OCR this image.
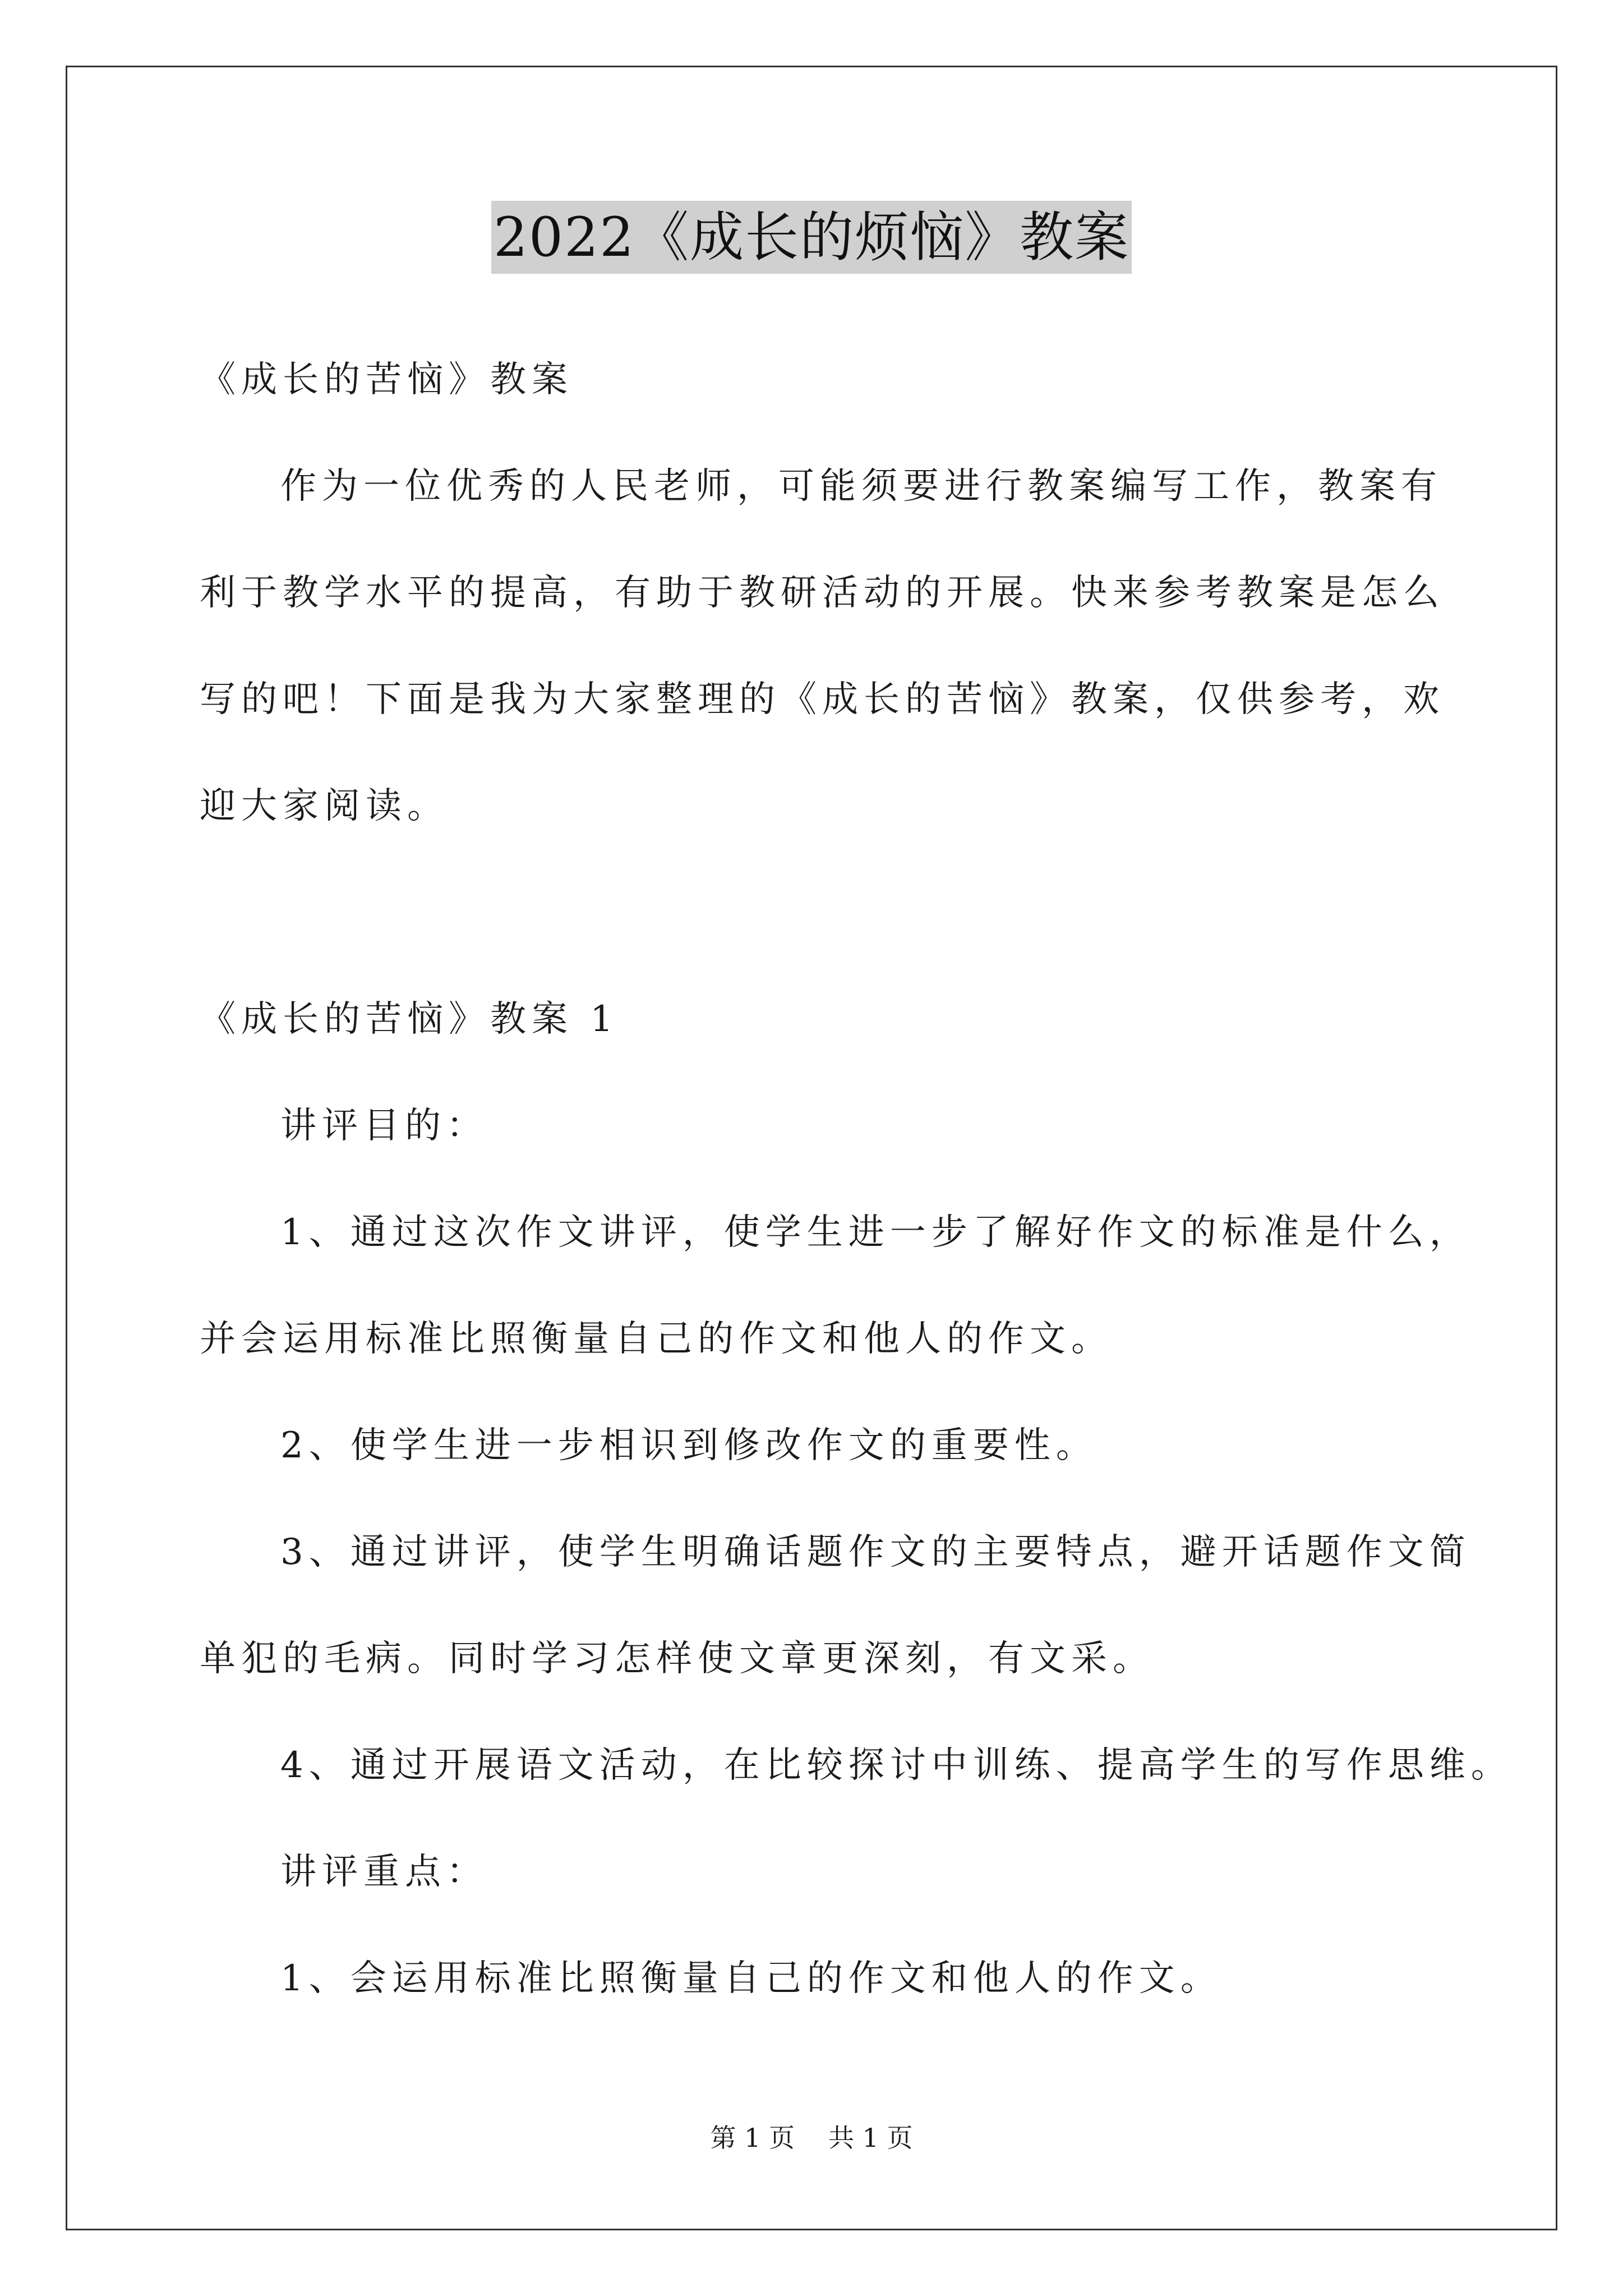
2022《成长的烦恼》教案
《成长的苦恼》教案
作为一位优秀的人民老师，可能须要进行教案编写工作，教案有
利于教学水平的提高，有助于教研活动的开展。快来参考教案是怎么
写的吧！下面是我为大家整理的《成长的苦恼》教案，仅供参考，欢
迎大家阅读。
《成长的苦恼》教案 1
讲评目的：
1、通过这次作文讲评，使学生进一步了解好作文的标准是什么，
并会运用标准比照衡量自己的作文和他人的作文。
2、使学生进一步相识到修改作文的重要性。
3、通过讲评，使学生明确话题作文的主要特点，避开话题作文简
单犯的毛病。同时学习怎样使文章更深刻，有文采。
4、通过开展语文活动，在比较探讨中训练、提高学生的写作思维。
讲评重点：
1、会运用标准比照衡量自己的作文和他人的作文。
第 1 页 共 1 页
